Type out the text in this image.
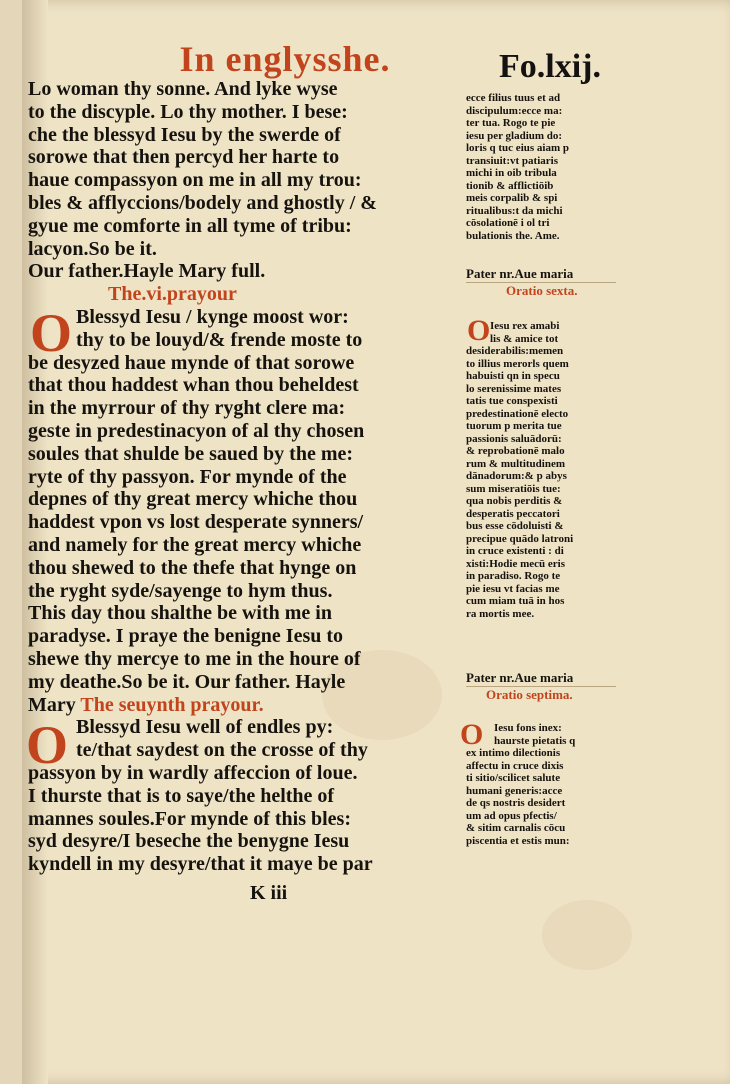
In englysshe.	Fo.lxij.
Lo woman thy sonne. And lyke wyse
to the discyple. Lo thy mother. I bese:
che the blessyd Iesu by the swerde of
sorowe that then percyd her harte to
haue compassyon on me in all my trou:
bles & afflyccions/bodely and ghostly / &
gyue me comforte in all tyme of tribu:
lacyon.So be it.
Our father.Hayle Mary full.
The.vi.prayour
Blessyd Iesu / kynge moost wor:
thy to be louyd/& frende moste to
be desyzed haue mynde of that sorowe
that thou haddest whan thou beheldest
in the myrrour of thy ryght clere ma:
geste in predestinacyon of al thy chosen
soules that shulde be saued by the me:
ryte of thy passyon. For mynde of the
depnes of thy great mercy whiche thou
haddest vpon vs lost desperate synners/
and namely for the great mercy whiche
thou shewed to the thefe that hynge on
the ryght syde/sayenge to hym thus.
This day thou shalthe be with me in
paradyse. I praye the benigne Iesu to
shewe thy mercye to me in the houre of
my deathe.So be it. Our father. Hayle
Mary The seuynth prayour.
Blessyd Iesu well of endles py:
te/that saydest on the crosse of thy
passyon by in wardly affeccion of loue.
I thurste that is to saye/the helthe of
mannes soules.For mynde of this bles:
syd desyre/I beseche the benygne Iesu
kyndell in my desyre/that it maye be par
O
O
K iii
ecce filius tuus et ad
discipulum:ecce ma:
ter tua. Rogo te pie
iesu per gladium do:
loris q tuc eius aiam p
transiuit:vt patiaris
michi in oib tribula
tionib & afflictiōib
meis corpalib & spi
ritualibus:t da michi
cōsolationē i ol tri
bulationis the. Ame.
Pater nr.Aue maria
Oratio sexta.
O Iesu rex amabi
lis & amice tot
desiderabilis:memen
to illius merorls quem
habuisti qn in specu
lo serenissime mates
tatis tue conspexisti
predestinationē electo
tuorum p merita tue
passionis saluādorū:
& reprobationē malo
rum & multitudinem
dānadorum:& p abys
sum miseratiōis tue:
qua nobis perditis &
desperatis peccatori
bus esse cōdoluisti &
precipue quādo latroni
in cruce existenti : di
xisti:Hodie mecū eris
in paradiso. Rogo te
pie iesu vt facias me
cum miam tuā in hos
ra mortis mee.
Pater nr.Aue maria
Oratio septima.
O Iesu fons inex:
haurste pietatis q
ex intimo dilectionis
affectu in cruce dixis
ti sitio/scilicet salute
humani generis:acce
de qs nostris desidert
um ad opus pfectis/
& sitim carnalis cōcu
piscentia et estis mun:
